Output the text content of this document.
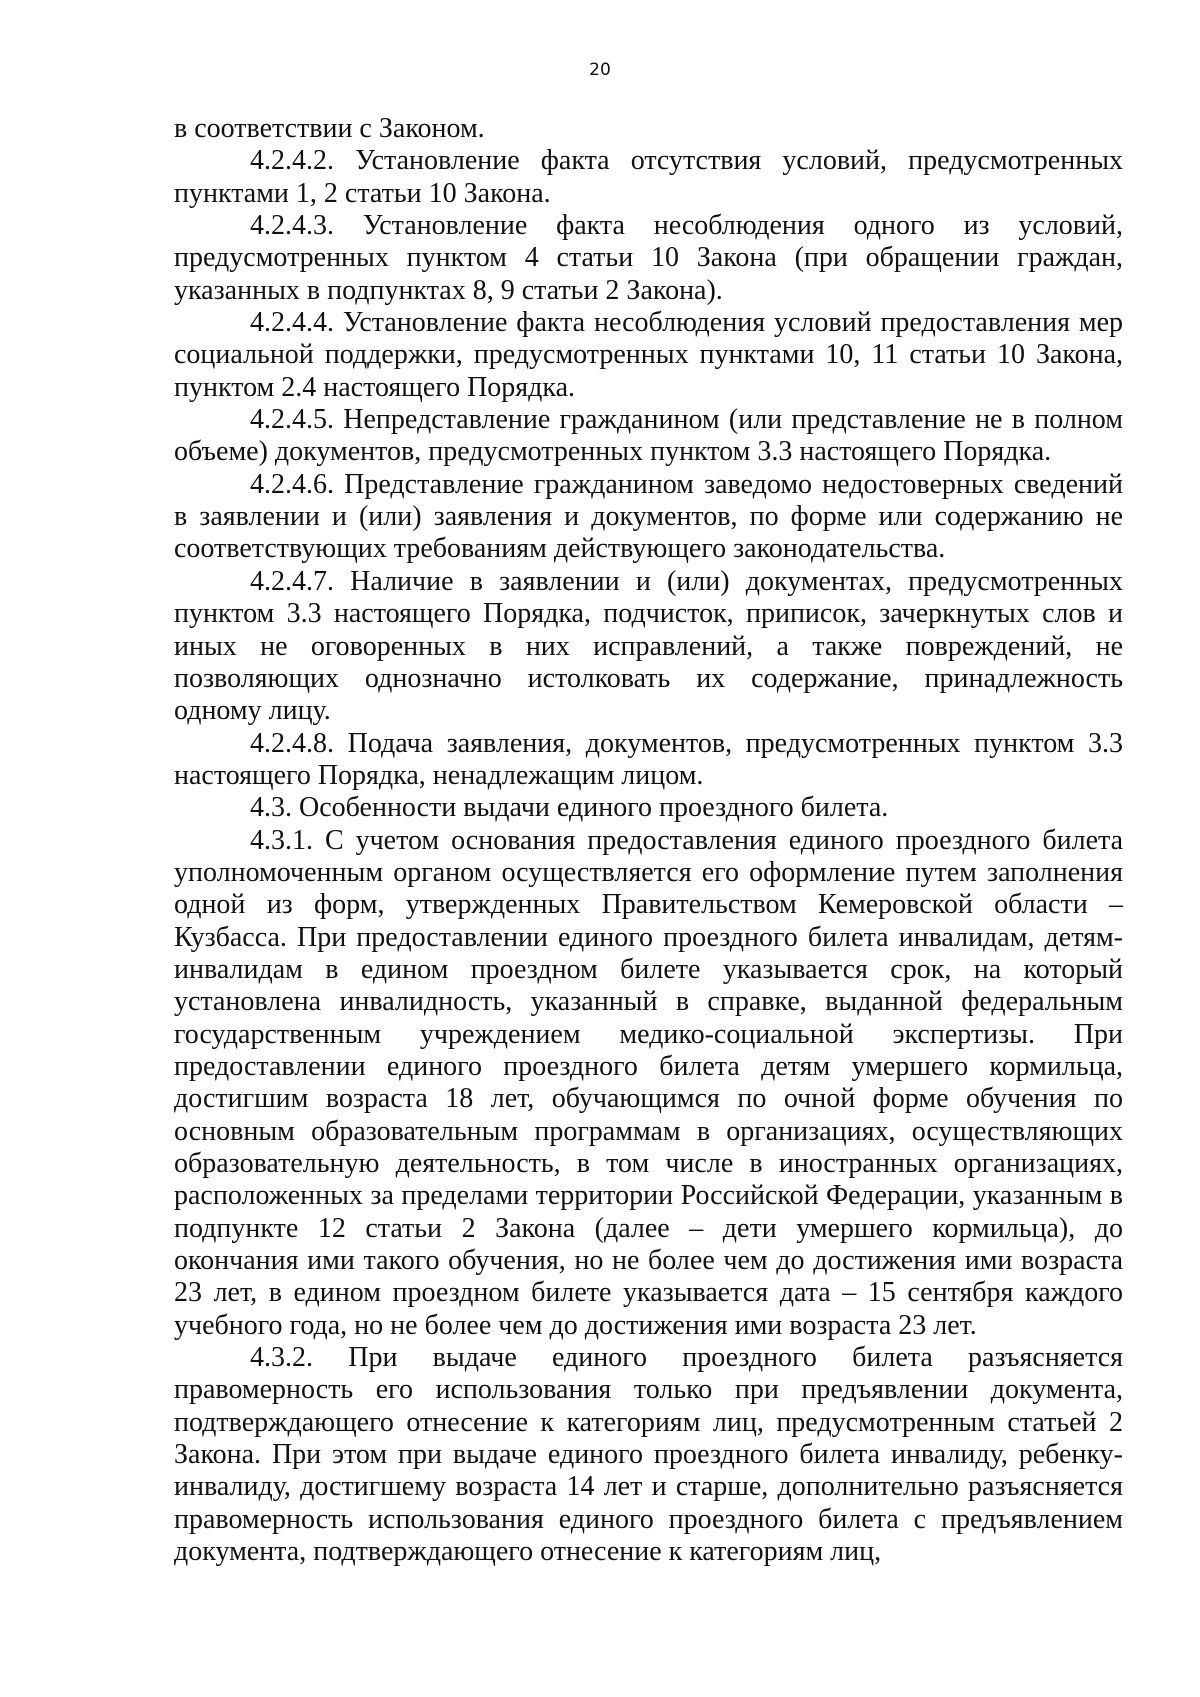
20

в соответствии с Законом.

4.2.4.2. Установление факта отсутствия условий, предусмотренных пунктами 1, 2 статьи 10 Закона.

4.2.4.3. Установление факта несоблюдения одного из условий, предусмотренных пунктом 4 статьи 10 Закона (при обращении граждан, указанных в подпунктах 8, 9 статьи 2 Закона).

4.2.4.4. Установление факта несоблюдения условий предоставления мер социальной поддержки, предусмотренных пунктами 10, 11 статьи 10 Закона, пунктом 2.4 настоящего Порядка.

4.2.4.5. Непредставление гражданином (или представление не в полном объеме) документов, предусмотренных пунктом 3.3 настоящего Порядка.

4.2.4.6. Представление гражданином заведомо недостоверных сведений в заявлении и (или) заявления и документов, по форме или содержанию не соответствующих требованиям действующего законодательства.

4.2.4.7. Наличие в заявлении и (или) документах, предусмотренных пунктом 3.3 настоящего Порядка, подчисток, приписок, зачеркнутых слов и иных не оговоренных в них исправлений, а также повреждений, не позволяющих однозначно истолковать их содержание, принадлежность одному лицу.

4.2.4.8. Подача заявления, документов, предусмотренных пунктом 3.3 настоящего Порядка, ненадлежащим лицом.

4.3. Особенности выдачи единого проездного билета.

4.3.1. С учетом основания предоставления единого проездного билета уполномоченным органом осуществляется его оформление путем заполнения одной из форм, утвержденных Правительством Кемеровской области – Кузбасса. При предоставлении единого проездного билета инвалидам, детям-инвалидам в едином проездном билете указывается срок, на который установлена инвалидность, указанный в справке, выданной федеральным государственным учреждением медико-социальной экспертизы. При предоставлении единого проездного билета детям умершего кормильца, достигшим возраста 18 лет, обучающимся по очной форме обучения по основным образовательным программам в организациях, осуществляющих образовательную деятельность, в том числе в иностранных организациях, расположенных за пределами территории Российской Федерации, указанным в подпункте 12 статьи 2 Закона (далее – дети умершего кормильца), до окончания ими такого обучения, но не более чем до достижения ими возраста 23 лет, в едином проездном билете указывается дата – 15 сентября каждого учебного года, но не более чем до достижения ими возраста 23 лет.

4.3.2. При выдаче единого проездного билета разъясняется правомерность его использования только при предъявлении документа, подтверждающего отнесение к категориям лиц, предусмотренным статьей 2 Закона. При этом при выдаче единого проездного билета инвалиду, ребенку-инвалиду, достигшему возраста 14 лет и старше, дополнительно разъясняется правомерность использования единого проездного билета с предъявлением документа, подтверждающего отнесение к категориям лиц,
